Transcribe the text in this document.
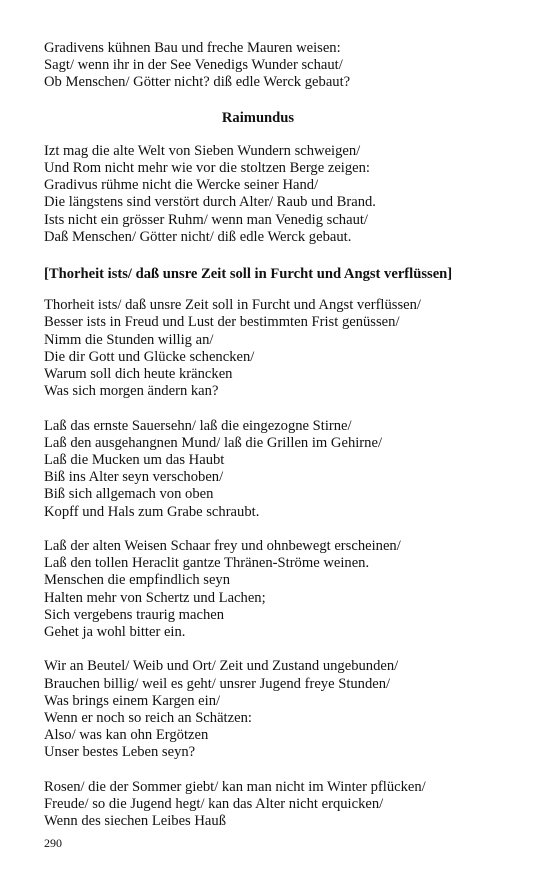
Gradivens kühnen Bau und freche Mauren weisen:
Sagt/ wenn ihr in der See Venedigs Wunder schaut/
Ob Menschen/ Götter nicht? diß edle Werck gebaut?
Raimundus
Izt mag die alte Welt von Sieben Wundern schweigen/
Und Rom nicht mehr wie vor die stoltzen Berge zeigen:
Gradivus rühme nicht die Wercke seiner Hand/
Die längstens sind verstört durch Alter/ Raub und Brand.
Ists nicht ein grösser Ruhm/ wenn man Venedig schaut/
Daß Menschen/ Götter nicht/ diß edle Werck gebaut.
[Thorheit ists/ daß unsre Zeit soll in Furcht und Angst verflüssen]
Thorheit ists/ daß unsre Zeit soll in Furcht und Angst verflüssen/
Besser ists in Freud und Lust der bestimmten Frist genüssen/
Nimm die Stunden willig an/
Die dir Gott und Glücke schencken/
Warum soll dich heute kräncken
Was sich morgen ändern kan?
Laß das ernste Sauersehn/ laß die eingezogne Stirne/
Laß den ausgehangnen Mund/ laß die Grillen im Gehirne/
Laß die Mucken um das Haubt
Biß ins Alter seyn verschoben/
Biß sich allgemach von oben
Kopff und Hals zum Grabe schraubt.
Laß der alten Weisen Schaar frey und ohnbewegt erscheinen/
Laß den tollen Heraclit gantze Thränen-Ströme weinen.
Menschen die empfindlich seyn
Halten mehr von Schertz und Lachen;
Sich vergebens traurig machen
Gehet ja wohl bitter ein.
Wir an Beutel/ Weib und Ort/ Zeit und Zustand ungebunden/
Brauchen billig/ weil es geht/ unsrer Jugend freye Stunden/
Was brings einem Kargen ein/
Wenn er noch so reich an Schätzen:
Also/ was kan ohn Ergötzen
Unser bestes Leben seyn?
Rosen/ die der Sommer giebt/ kan man nicht im Winter pflücken/
Freude/ so die Jugend hegt/ kan das Alter nicht erquicken/
Wenn des siechen Leibes Hauß
290
